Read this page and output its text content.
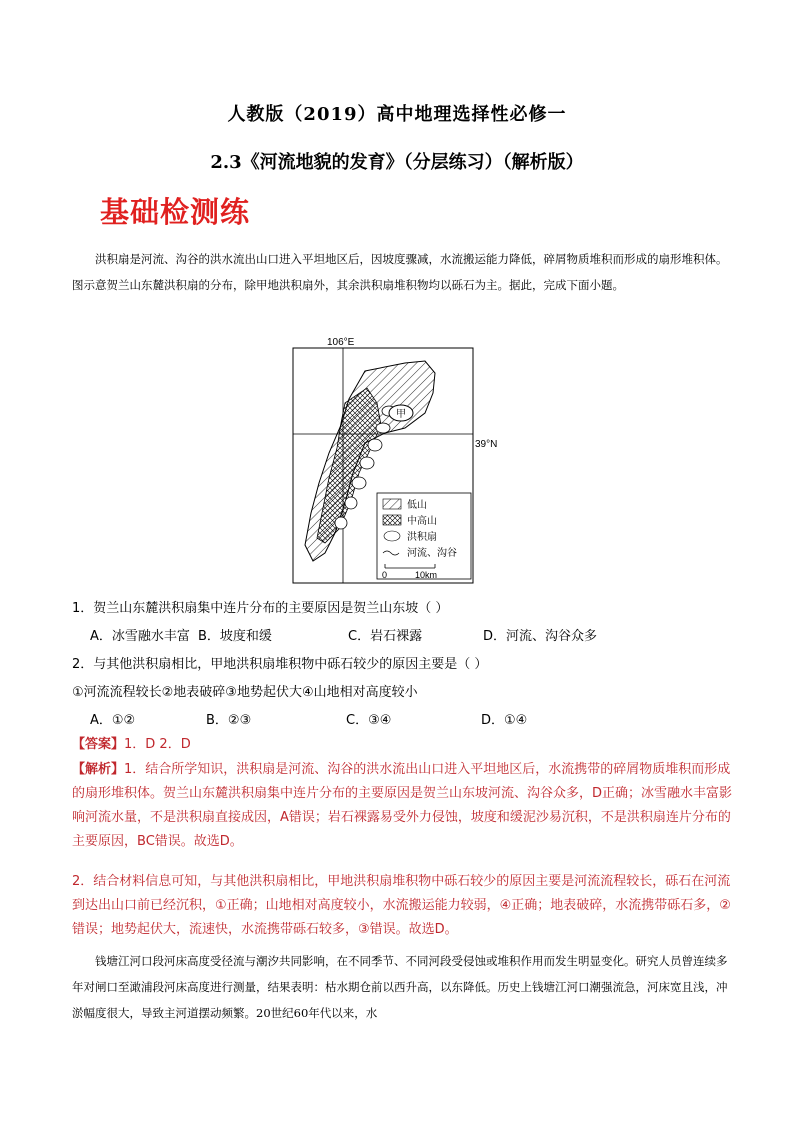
人教版（2019）高中地理选择性必修一
2.3《河流地貌的发育》（分层练习）（解析版）
基础检测练

洪积扇是河流、沟谷的洪水流出山口进入平坦地区后，因坡度骤减，水流搬运能力降低，碎屑物质堆积而形成的扇形堆积体。图示意贺兰山东麓洪积扇的分布，除甲地洪积扇外，其余洪积扇堆积物均以砾石为主。据此，完成下面小题。

106°E
39°N
甲
低山
中高山
洪积扇
河流、沟谷
0	10km
1．贺兰山东麓洪积扇集中连片分布的主要原因是贺兰山东坡（ ）
A．冰雪融水丰富 B．坡度和缓	C．岩石裸露	D．河流、沟谷众多
2．与其他洪积扇相比，甲地洪积扇堆积物中砾石较少的原因主要是（ ）
①河流流程较长②地表破碎③地势起伏大④山地相对高度较小
A．①②	B．②③	C．③④	D．①④
【答案】1．D 2．D

【解析】1．结合所学知识，洪积扇是河流、沟谷的洪水流出山口进入平坦地区后，水流携带的碎屑物质堆积而形成的扇形堆积体。贺兰山东麓洪积扇集中连片分布的主要原因是贺兰山东坡河流、沟谷众多，D正确；冰雪融水丰富影响河流水量，不是洪积扇直接成因，A错误；岩石裸露易受外力侵蚀，坡度和缓泥沙易沉积，不是洪积扇连片分布的主要原因，BC错误。故选D。

2．结合材料信息可知，与其他洪积扇相比，甲地洪积扇堆积物中砾石较少的原因主要是河流流程较长，砾石在河流到达出山口前已经沉积，①正确；山地相对高度较小，水流搬运能力较弱，④正确；地表破碎，水流携带砾石多，②错误；地势起伏大，流速快，水流携带砾石较多，③错误。故选D。

钱塘江河口段河床高度受径流与潮汐共同影响，在不同季节、不同河段受侵蚀或堆积作用而发生明显变化。研究人员曾连续多年对闸口至澉浦段河床高度进行测量，结果表明：枯水期仓前以西升高，以东降低。历史上钱塘江河口潮强流急，河床宽且浅，冲淤幅度很大，导致主河道摆动频繁。20世纪60年代以来，水
